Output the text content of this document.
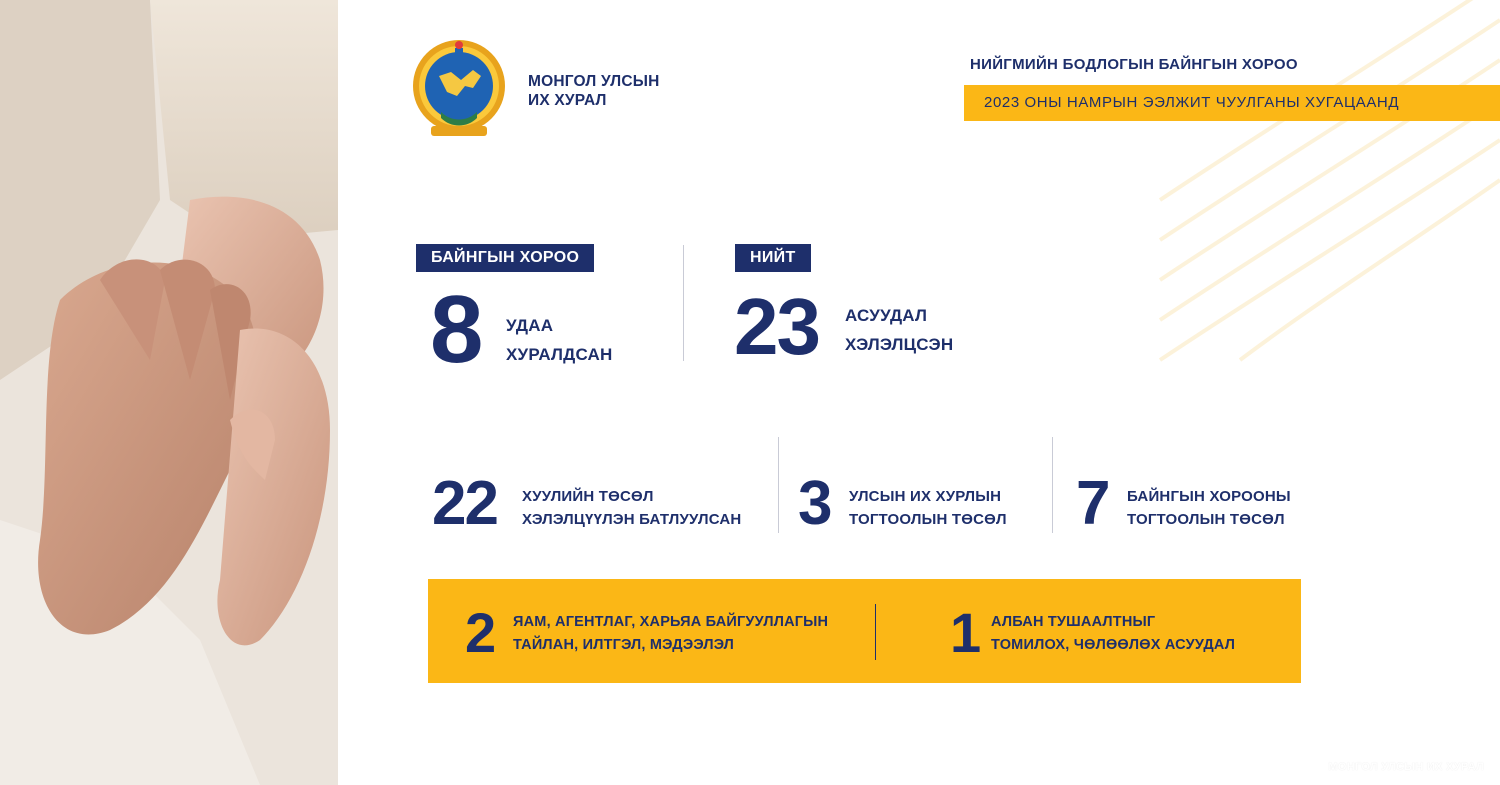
МОНГОЛ УЛСЫН
ИХ ХУРАЛ
НИЙГМИЙН БОДЛОГЫН БАЙНГЫН ХОРОО
2023 ОНЫ НАМРЫН ЭЭЛЖИТ ЧУУЛГАНЫ ХУГАЦААНД
БАЙНГЫН ХОРОО
8 УДАА
ХУРАЛДСАН
НИЙТ
23 АСУУДАЛ
ХЭЛЭЛЦСЭН
22 ХУУЛИЙН ТӨСӨЛ
ХЭЛЭЛЦҮҮЛЭН БАТЛУУЛСАН 3 УЛСЫН ИХ ХУРЛЫН
ТОГТООЛЫН ТӨСӨЛ 7 БАЙНГЫН ХОРООНЫ
ТОГТООЛЫН ТӨСӨЛ
2 ЯАМ, АГЕНТЛАГ, ХАРЬЯА БАЙГУУЛЛАГЫН
ТАЙЛАН, ИЛТГЭЛ, МЭДЭЭЛЭЛ	1 АЛБАН ТУШААЛТНЫГ
ТОМИЛОХ, ЧӨЛӨӨЛӨХ АСУУДАЛ
МОНГОЛ УЛСЫН ИХ ХУРАЛ
